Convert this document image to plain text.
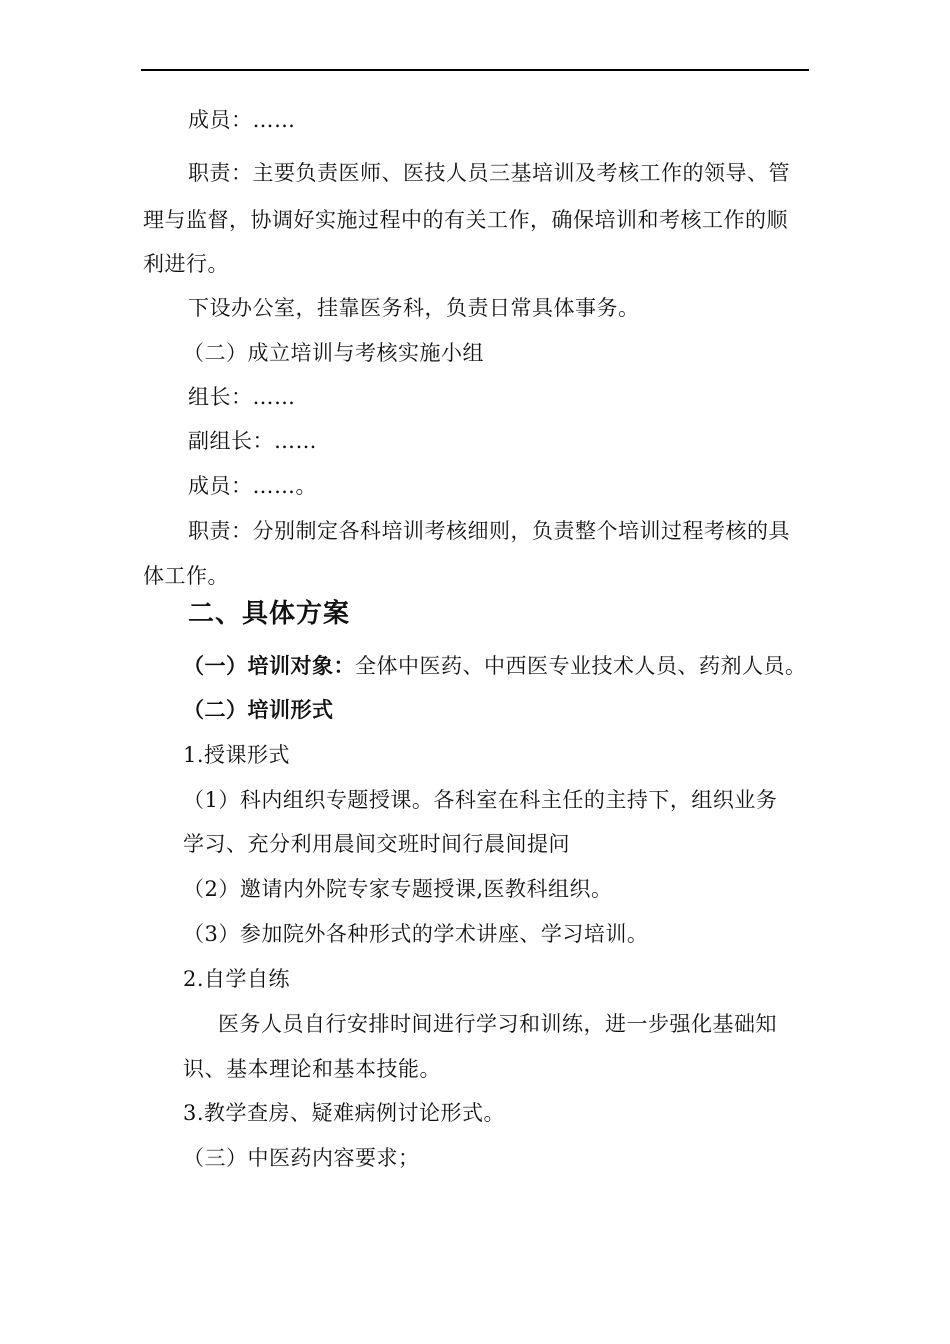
成员：……
职责：主要负责医师、医技人员三基培训及考核工作的领导、管
理与监督，协调好实施过程中的有关工作，确保培训和考核工作的顺
利进行。
下设办公室，挂靠医务科，负责日常具体事务。
（二）成立培训与考核实施小组
组长：……
副组长：……
成员：……。
职责：分别制定各科培训考核细则，负责整个培训过程考核的具
体工作。
二、具体方案
（一）培训对象：全体中医药、中西医专业技术人员、药剂人员。
（二）培训形式
1.授课形式
（1）科内组织专题授课。各科室在科主任的主持下，组织业务
学习、充分利用晨间交班时间行晨间提问
（2）邀请内外院专家专题授课,医教科组织。
（3）参加院外各种形式的学术讲座、学习培训。
2.自学自练
医务人员自行安排时间进行学习和训练，进一步强化基础知
识、基本理论和基本技能。
3.教学查房、疑难病例讨论形式。
（三）中医药内容要求；
